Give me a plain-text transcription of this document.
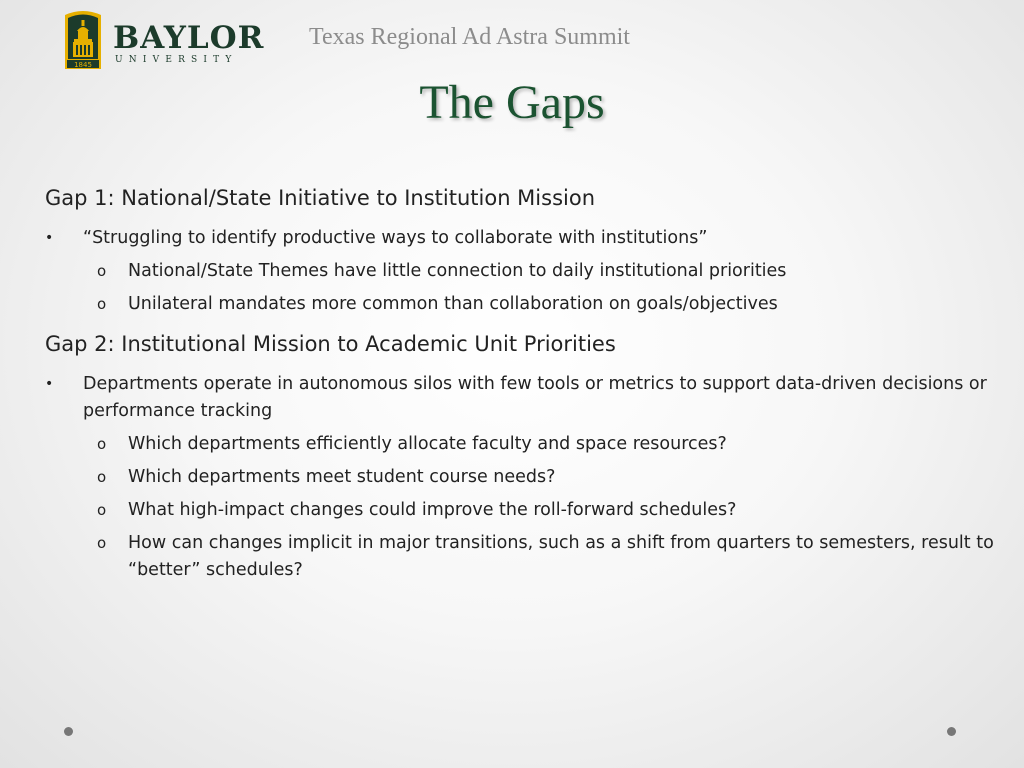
1845
BAYLOR
UNIVERSITY
Texas Regional Ad Astra Summit
The Gaps
Gap 1: National/State Initiative to Institution Mission
• “Struggling to identify productive ways to collaborate with institutions”
o National/State Themes have little connection to daily institutional priorities
o Unilateral mandates more common than collaboration on goals/objectives
Gap 2: Institutional Mission to Academic Unit Priorities
• Departments operate in autonomous silos with few tools or metrics to support data-driven decisions or performance tracking
o Which departments efficiently allocate faculty and space resources?
o Which departments meet student course needs?
o What high-impact changes could improve the roll-forward schedules?
o How can changes implicit in major transitions, such as a shift from quarters to semesters, result to “better” schedules?
